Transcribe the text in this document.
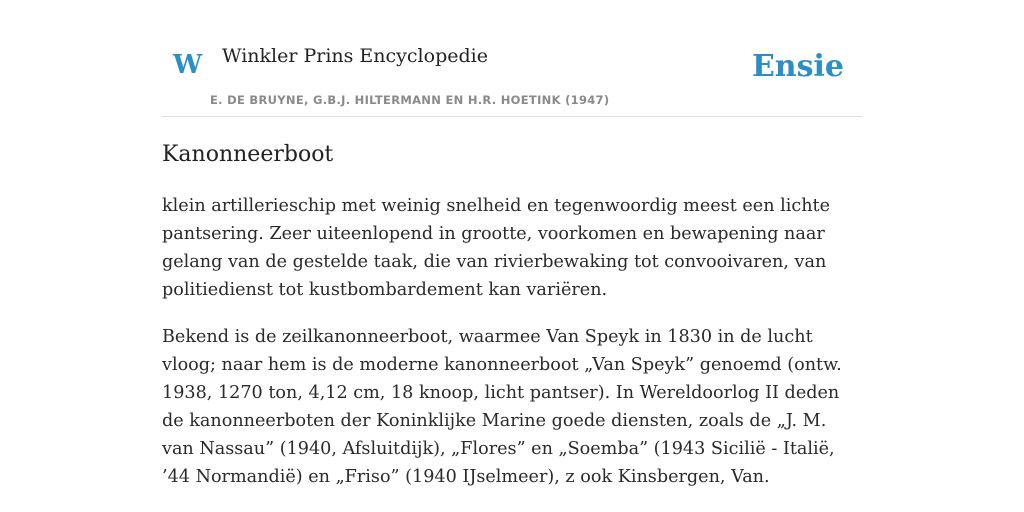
W Winkler Prins Encyclopedie
E. DE BRUYNE, G.B.J. HILTERMANN EN H.R. HOETINK (1947)
Ensie
Kanonneerboot

klein artillerieschip met weinig snelheid en tegenwoordig meest een lichte pantsering. Zeer uiteenlopend in grootte, voorkomen en bewapening naar gelang van de gestelde taak, die van rivierbewaking tot convooivaren, van politiedienst tot kustbombardement kan variëren.

Bekend is de zeilkanonneerboot, waarmee Van Speyk in 1830 in de lucht vloog; naar hem is de moderne kanonneerboot „Van Speyk” genoemd (ontw. 1938, 1270 ton, 4,12 cm, 18 knoop, licht pantser). In Wereldoorlog II deden de kanonneerboten der Koninklijke Marine goede diensten, zoals de „J. M. van Nassau” (1940, Afsluitdijk), „Flores” en „Soemba” (1943 Sicilië - Italië, ’44 Normandië) en „Friso” (1940 IJselmeer), z ook Kinsbergen, Van.
